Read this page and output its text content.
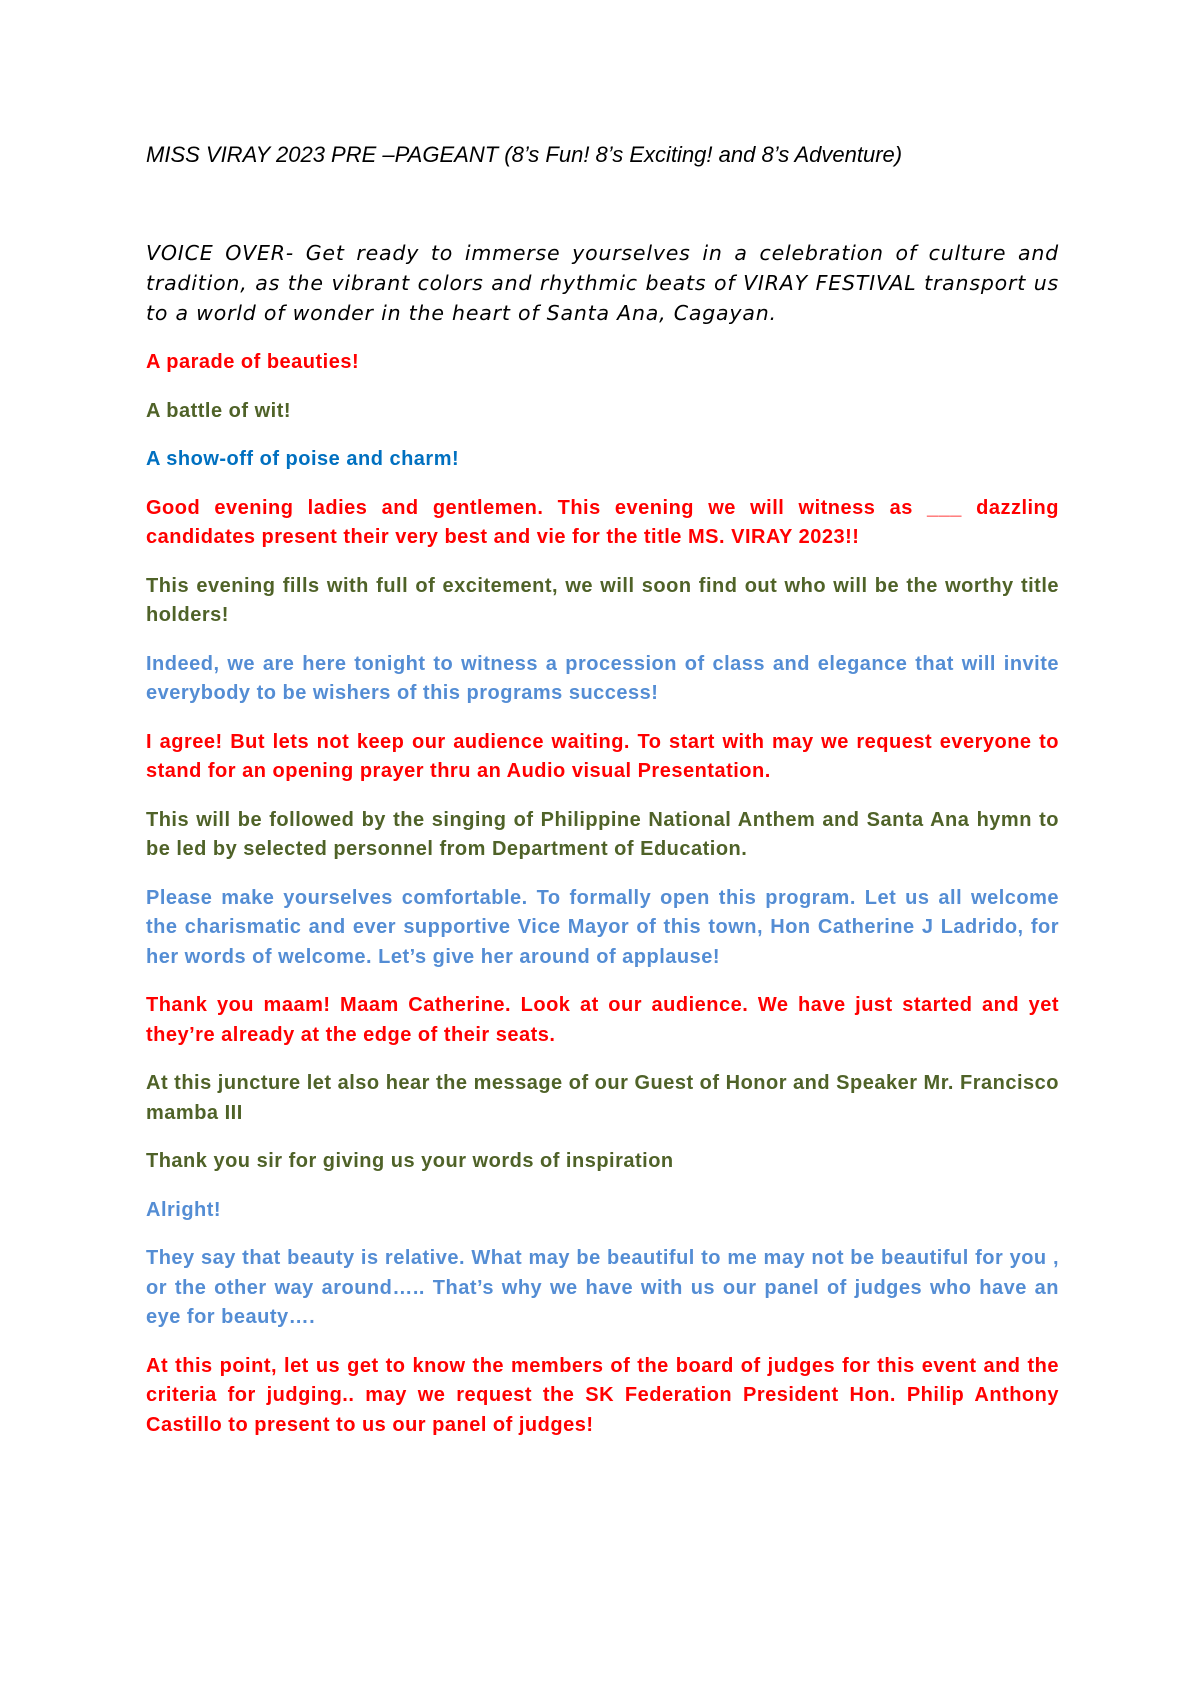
MISS VIRAY 2023 PRE –PAGEANT (8’s Fun! 8’s Exciting! and 8’s Adventure)

VOICE OVER- Get ready to immerse yourselves in a celebration of culture and tradition, as the vibrant colors and rhythmic beats of VIRAY FESTIVAL transport us to a world of wonder in the heart of Santa Ana, Cagayan.

A parade of beauties!

A battle of wit!

A show-off of poise and charm!

Good evening ladies and gentlemen. This evening we will witness as ___ dazzling candidates present their very best and vie for the title MS. VIRAY 2023!!

This evening fills with full of excitement, we will soon find out who will be the worthy title holders!

Indeed, we are here tonight to witness a procession of class and elegance that will invite everybody to be wishers of this programs success!

I agree! But lets not keep our audience waiting. To start with may we request everyone to stand for an opening prayer thru an Audio visual Presentation.

This will be followed by the singing of Philippine National Anthem and Santa Ana hymn to be led by selected personnel from Department of Education.

Please make yourselves comfortable. To formally open this program. Let us all welcome the charismatic and ever supportive Vice Mayor of this town, Hon Catherine J Ladrido, for her words of welcome. Let’s give her around of applause!

Thank you maam! Maam Catherine. Look at our audience. We have just started and yet they’re already at the edge of their seats.

At this juncture let also hear the message of our Guest of Honor and Speaker Mr. Francisco mamba III

Thank you sir for giving us your words of inspiration

Alright!

They say that beauty is relative. What may be beautiful to me may not be beautiful for you , or the other way around….. That’s why we have with us our panel of judges who have an eye for beauty….

At this point, let us get to know the members of the board of judges for this event and the criteria for judging.. may we request the SK Federation President Hon. Philip Anthony Castillo to present to us our panel of judges!
